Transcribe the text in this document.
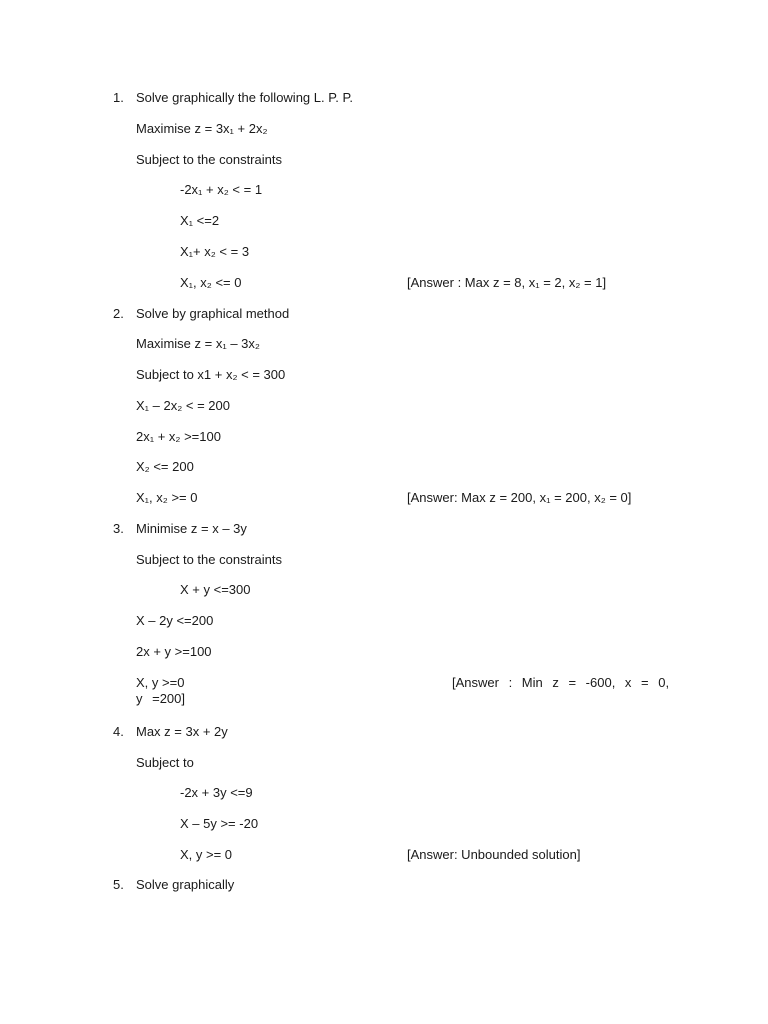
1. Solve graphically the following L. P. P.
Maximise z = 3x₁ + 2x₂
Subject to the constraints
-2x₁ + x₂ < = 1
X₁ <=2
X₁+ x₂ < = 3
X₁, x₂ <= 0	[Answer : Max z = 8, x₁ = 2, x₂ = 1]
2. Solve by graphical method
Maximise z = x₁ – 3x₂
Subject to x1 + x₂ < = 300
X₁ – 2x₂ < = 200
2x₁ + x₂ >=100
X₂ <= 200
X₁, x₂ >= 0	[Answer: Max z = 200, x₁ = 200, x₂ = 0]
3. Minimise z = x – 3y
Subject to the constraints
X + y <=300
X – 2y <=200
2x + y >=100
X, y >=0	[Answer : Min z = -600, x = 0, y =200]
4. Max z = 3x + 2y
Subject to
-2x + 3y <=9
X – 5y >= -20
X, y >= 0	[Answer: Unbounded solution]
5. Solve graphically
